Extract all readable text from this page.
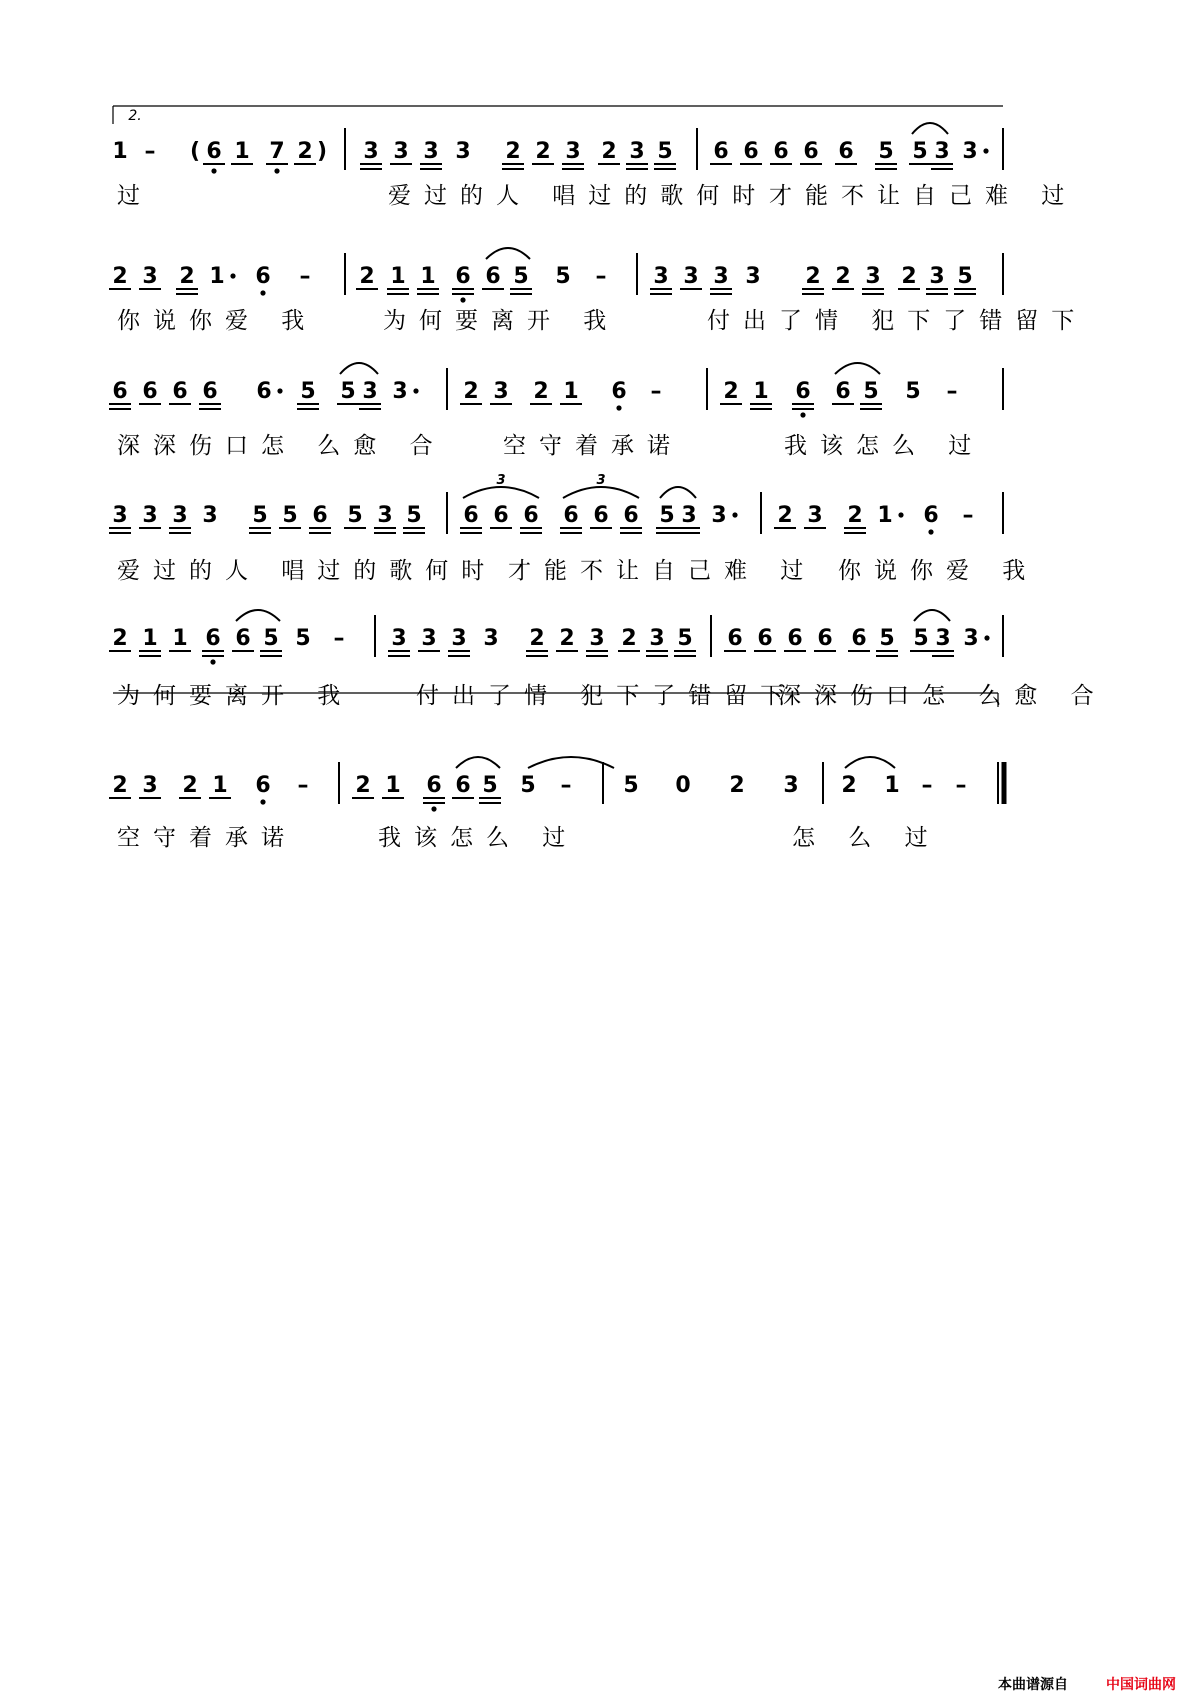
1 – ( 6 1 7 2 ) 3 3 3 3 2 2 3 2 3 5 6 6 6 6 6 5 5 3 3
2 3 2 1 6 – 2 1 1 6 6 5 5 – 3 3 3 3 2 2 3 2 3 5
6 6 6 6 6 5 5 3 3	2 3 2 1 6 –	2 1 6 6 5 5 –
3 3 3 3 5 5 6 5 3 5 6 6 6 6 6 6 5 3 3 2 3 2 1 6 –
3	3
2 1 1 6 6 5 5 – 3 3 3 3 2 2 3 2 3 5 6 6 6 6 6 5 5 3 3
2 3 2 1 6 – 2 1 6 6 5 5 – 5 0 2 3 2 1 – –
2.
过	爱过的人 唱过的歌何时 才能不让自己难 过
你说你爱 我	为何要离开 我	付出了情 犯下了错留下
深深伤口怎 么愈 合 空守着承诺	我该怎么 过
爱过的人 唱过的歌何时 才能不让自己难 过 你说你爱 我
为何要离开 我	付出了情 犯下了错留下
深深伤口怎 么愈 合
空守着承诺	我该怎么 过	怎 么 过
本曲谱源自	中国词曲网
